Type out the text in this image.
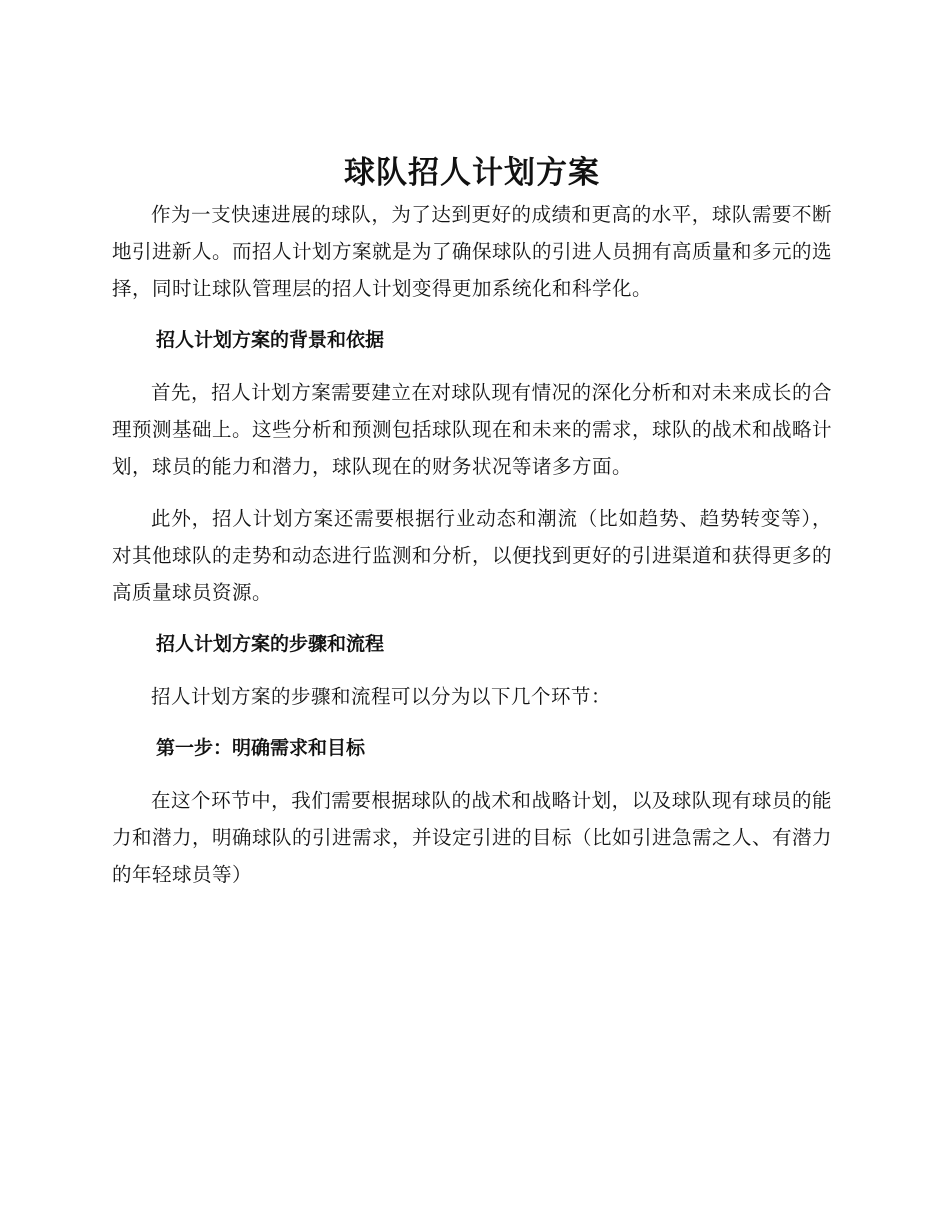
球队招人计划方案

作为一支快速进展的球队，为了达到更好的成绩和更高的水平，球队需要不断地引进新人。而招人计划方案就是为了确保球队的引进人员拥有高质量和多元的选择，同时让球队管理层的招人计划变得更加系统化和科学化。

招人计划方案的背景和依据

首先，招人计划方案需要建立在对球队现有情况的深化分析和对未来成长的合理预测基础上。这些分析和预测包括球队现在和未来的需求，球队的战术和战略计划，球员的能力和潜力，球队现在的财务状况等诸多方面。

此外，招人计划方案还需要根据行业动态和潮流（比如趋势、趋势转变等），对其他球队的走势和动态进行监测和分析，以便找到更好的引进渠道和获得更多的高质量球员资源。

招人计划方案的步骤和流程

招人计划方案的步骤和流程可以分为以下几个环节：

第一步：明确需求和目标

在这个环节中，我们需要根据球队的战术和战略计划，以及球队现有球员的能力和潜力，明确球队的引进需求，并设定引进的目标（比如引进急需之人、有潜力的年轻球员等）
